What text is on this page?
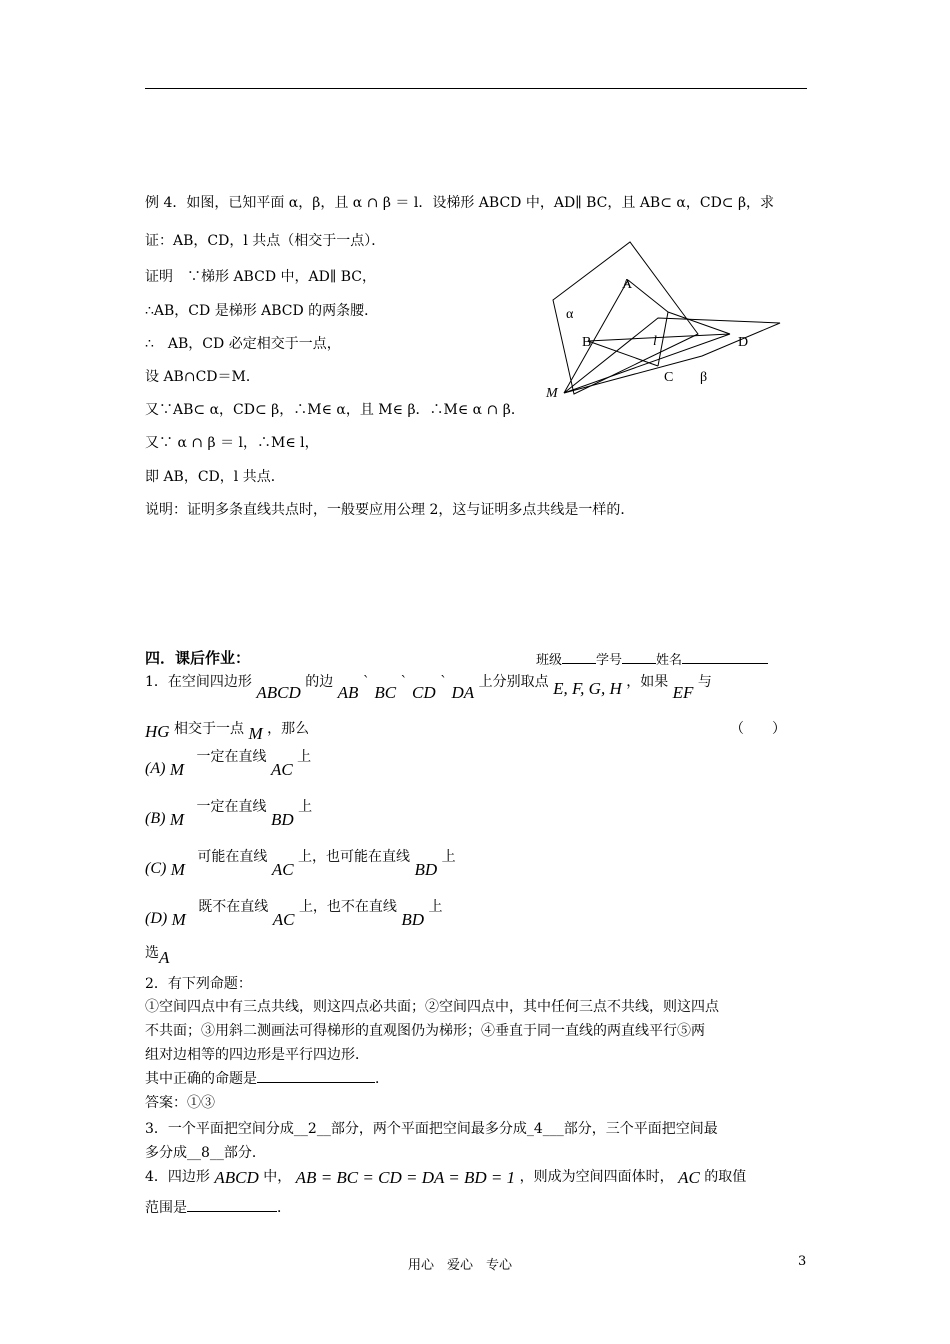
例 4．如图，已知平面 α，β，且 α ∩ β ＝ l．设梯形 ABCD 中，AD∥ BC，且 AB⊂ α，CD⊂ β，求
证：AB，CD，l 共点（相交于一点）．
证明　∵梯形 ABCD 中，AD∥ BC，
∴AB，CD 是梯形 ABCD 的两条腰．
∴　AB，CD 必定相交于一点，
设 AB∩CD＝M．
又∵AB⊂ α，CD⊂ β，∴M∈ α，且 M∈ β．∴M∈ α ∩ β．
又∵ α ∩ β ＝ l，∴M∈ l，
即 AB，CD，l 共点．
说明：证明多条直线共点时，一般要应用公理 2，这与证明多点共线是一样的．
A
α
B	l	D
M
C β
四．课后作业：	班级	学号	姓名
1．在空间四边形 ABCD 的边 AB ` BC ` CD ` DA 上分别取点 E, F, G, H ，如果 EF 与
HG 相交于一点 M ，那么	（　　）
(A) M 一定在直线 AC 上
(B) M 一定在直线 BD 上
(C) M 可能在直线 AC 上，也可能在直线 BD 上
(D) M 既不在直线 AC 上，也不在直线 BD 上
选A
2．有下列命题：
①空间四点中有三点共线，则这四点必共面；②空间四点中，其中任何三点不共线，则这四点
不共面；③用斜二测画法可得梯形的直观图仍为梯形；④垂直于同一直线的两直线平行⑤两
组对边相等的四边形是平行四边形．
其中正确的命题是	．
答案：①③
3．一个平面把空间分成__2__部分，两个平面把空间最多分成_4___部分，三个平面把空间最
多分成__8__部分．
4．四边形 ABCD 中， AB = BC = CD = DA = BD = 1 ，则成为空间四面体时， AC 的取值
范围是	．
用心　爱心　专心	3
